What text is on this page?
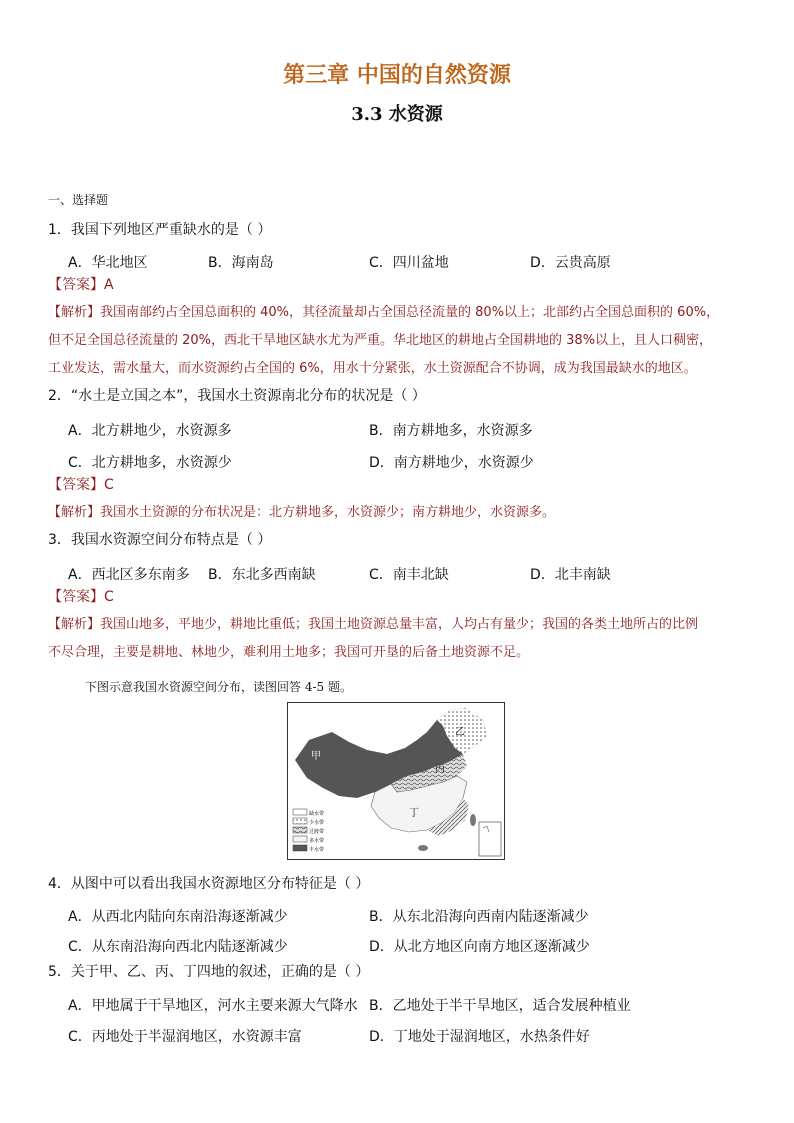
第三章 中国的自然资源
3.3 水资源
一、选择题
1．我国下列地区严重缺水的是（ ）
A．华北地区	B．海南岛	C．四川盆地	D．云贵高原
【答案】A
【解析】我国南部约占全国总面积的 40%，其径流量却占全国总径流量的 80%以上；北部约占全国总面积的 60%，
但不足全国总径流量的 20%，西北干旱地区缺水尤为严重。华北地区的耕地占全国耕地的 38%以上，且人口稠密，
工业发达，需水量大，而水资源约占全国的 6%，用水十分紧张，水土资源配合不协调，成为我国最缺水的地区。
2．“水土是立国之本”，我国水土资源南北分布的状况是（ ）
A．北方耕地少，水资源多	B．南方耕地多，水资源多
C．北方耕地多，水资源少	D．南方耕地少，水资源少
【答案】C
【解析】我国水土资源的分布状况是：北方耕地多，水资源少；南方耕地少，水资源多。
3．我国水资源空间分布特点是（ ）
A．西北区多东南多 B．东北多西南缺	C．南丰北缺	D．北丰南缺
【答案】C
【解析】我国山地多，平地少，耕地比重低；我国土地资源总量丰富，人均占有量少；我国的各类土地所占的比例
不尽合理，主要是耕地、林地少，难利用土地多；我国可开垦的后备土地资源不足。
下图示意我国水资源空间分布，读图回答 4-5 题。
甲
乙
丙
丁
缺水带
少水带
过渡带
多水带
丰水带
4．从图中可以看出我国水资源地区分布特征是（ ）
A．从西北内陆向东南沿海逐渐减少	B．从东北沿海向西南内陆逐渐减少
C．从东南沿海向西北内陆逐渐减少	D．从北方地区向南方地区逐渐减少
5．关于甲、乙、丙、丁四地的叙述，正确的是（ ）
A．甲地属于干旱地区，河水主要来源大气降水 B．乙地处于半干旱地区，适合发展种植业
C．丙地处于半湿润地区，水资源丰富	D．丁地处于湿润地区，水热条件好
